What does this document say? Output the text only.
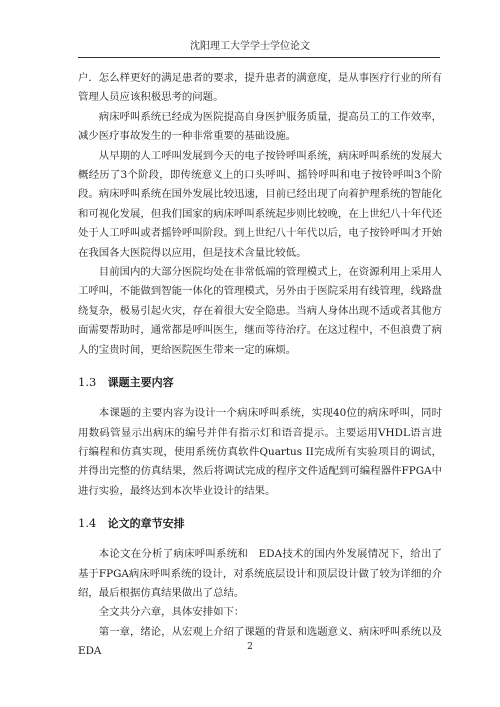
沈阳理工大学学士学位论文

户．怎么样更好的满足患者的要求，提升患者的满意度，是从事医疗行业的所有管理人员应该积极思考的问题。

病床呼叫系统已经成为医院提高自身医护服务质量，提高员工的工作效率，减少医疗事故发生的一种非常重要的基础设施。

从早期的人工呼叫发展到今天的电子按铃呼叫系统，病床呼叫系统的发展大概经历了3个阶段，即传统意义上的口头呼叫、摇铃呼叫和电子按铃呼叫3个阶段。病床呼叫系统在国外发展比较迅速，目前已经出现了向着护理系统的智能化和可视化发展，但我们国家的病床呼叫系统起步则比较晚，在上世纪八十年代还处于人工呼叫或者摇铃呼叫阶段。到上世纪八十年代以后，电子按铃呼叫才开始在我国各大医院得以应用，但是技术含量比较低。

目前国内的大部分医院均处在非常低端的管理模式上，在资源利用上采用人工呼叫，不能做到智能一体化的管理模式，另外由于医院采用有线管理，线路盘绕复杂，极易引起火灾，存在着很大安全隐患。当病人身体出现不适或者其他方面需要帮助时，通常都是呼叫医生，继而等待治疗。在这过程中，不但浪费了病人的宝贵时间，更给医院医生带来一定的麻烦。

1.3 课题主要内容

本课题的主要内容为设计一个病床呼叫系统，实现40位的病床呼叫，同时用数码管显示出病床的编号并伴有指示灯和语音提示。主要运用VHDL语言进行编程和仿真实现，使用系统仿真软件Quartus II完成所有实验项目的调试，并得出完整的仿真结果，然后将调试完成的程序文件适配到可编程器件FPGA中进行实验，最终达到本次毕业设计的结果。

1.4 论文的章节安排

本论文在分析了病床呼叫系统和　EDA技术的国内外发展情况下，给出了基于FPGA病床呼叫系统的设计，对系统底层设计和顶层设计做了较为详细的介绍，最后根据仿真结果做出了总结。

全文共分六章，具体安排如下：

第一章，绪论，从宏观上介绍了课题的背景和选题意义、病床呼叫系统以及　EDA	2
